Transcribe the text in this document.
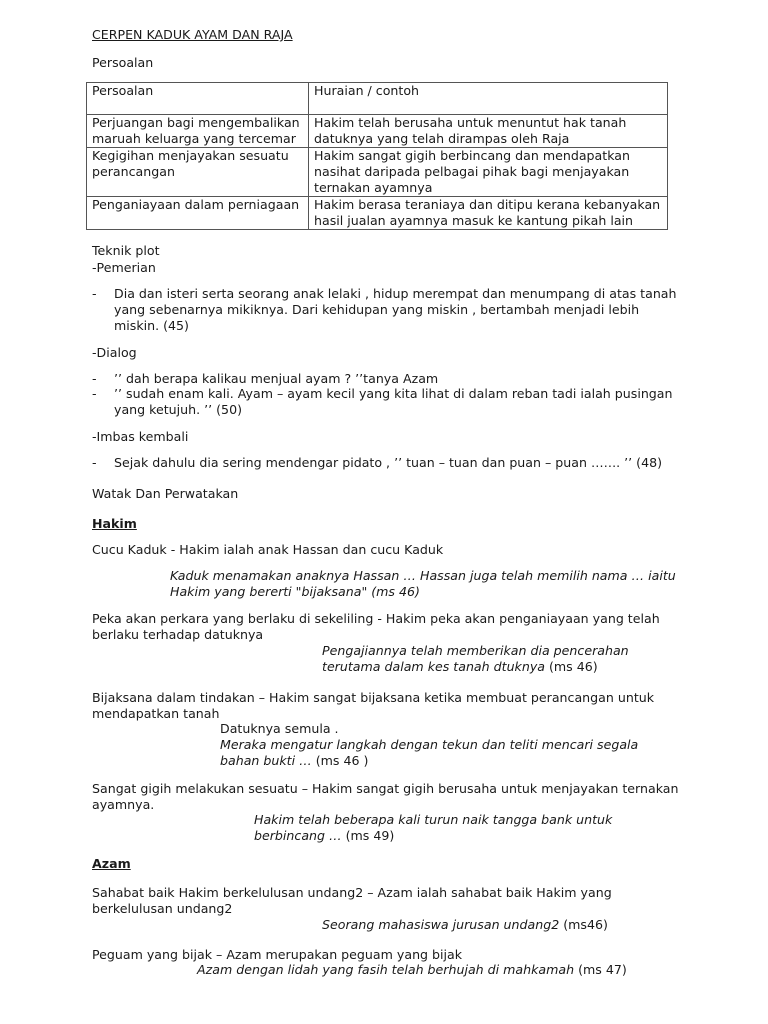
CERPEN KADUK AYAM DAN RAJA
Persoalan
Persoalan	Huraian / contoh

Perjuangan bagi mengembalikan
maruah keluarga yang tercemar	Hakim telah berusaha untuk menuntut hak tanah
datuknya yang telah dirampas oleh Raja

Kegigihan menjayakan sesuatu
perancangan	Hakim sangat gigih berbincang dan mendapatkan
nasihat daripada pelbagai pihak bagi menjayakan
ternakan ayamnya

Penganiayaan dalam perniagaan	Hakim berasa teraniaya dan ditipu kerana kebanyakan
hasil jualan ayamnya masuk ke kantung pikah lain
Teknik plot
-Pemerian
- Dia dan isteri serta seorang anak lelaki , hidup merempat dan menumpang di atas tanah
yang sebenarnya mikiknya. Dari kehidupan yang miskin , bertambah menjadi lebih
miskin. (45)
-Dialog
- ’’ dah berapa kalikau menjual ayam ? ’’tanya Azam
- ’’ sudah enam kali. Ayam – ayam kecil yang kita lihat di dalam reban tadi ialah pusingan
yang ketujuh. ’’ (50)
-Imbas kembali
- Sejak dahulu dia sering mendengar pidato , ’’ tuan – tuan dan puan – puan ……. ’’ (48)
Watak Dan Perwatakan
Hakim
Cucu Kaduk - Hakim ialah anak Hassan dan cucu Kaduk
Kaduk menamakan anaknya Hassan … Hassan juga telah memilih nama … iaitu
Hakim yang bererti "bijaksana" (ms 46)
Peka akan perkara yang berlaku di sekeliling - Hakim peka akan penganiayaan yang telah
berlaku terhadap datuknya
Pengajiannya telah memberikan dia pencerahan
terutama dalam kes tanah dtuknya (ms 46)
Bijaksana dalam tindakan – Hakim sangat bijaksana ketika membuat perancangan untuk
mendapatkan tanah
Datuknya semula .
Meraka mengatur langkah dengan tekun dan teliti mencari segala
bahan bukti … (ms 46 )
Sangat gigih melakukan sesuatu – Hakim sangat gigih berusaha untuk menjayakan ternakan
ayamnya.
Hakim telah beberapa kali turun naik tangga bank untuk
berbincang … (ms 49)
Azam
Sahabat baik Hakim berkelulusan undang2 – Azam ialah sahabat baik Hakim yang
berkelulusan undang2
Seorang mahasiswa jurusan undang2 (ms46)
Peguam yang bijak – Azam merupakan peguam yang bijak
Azam dengan lidah yang fasih telah berhujah di mahkamah (ms 47)
